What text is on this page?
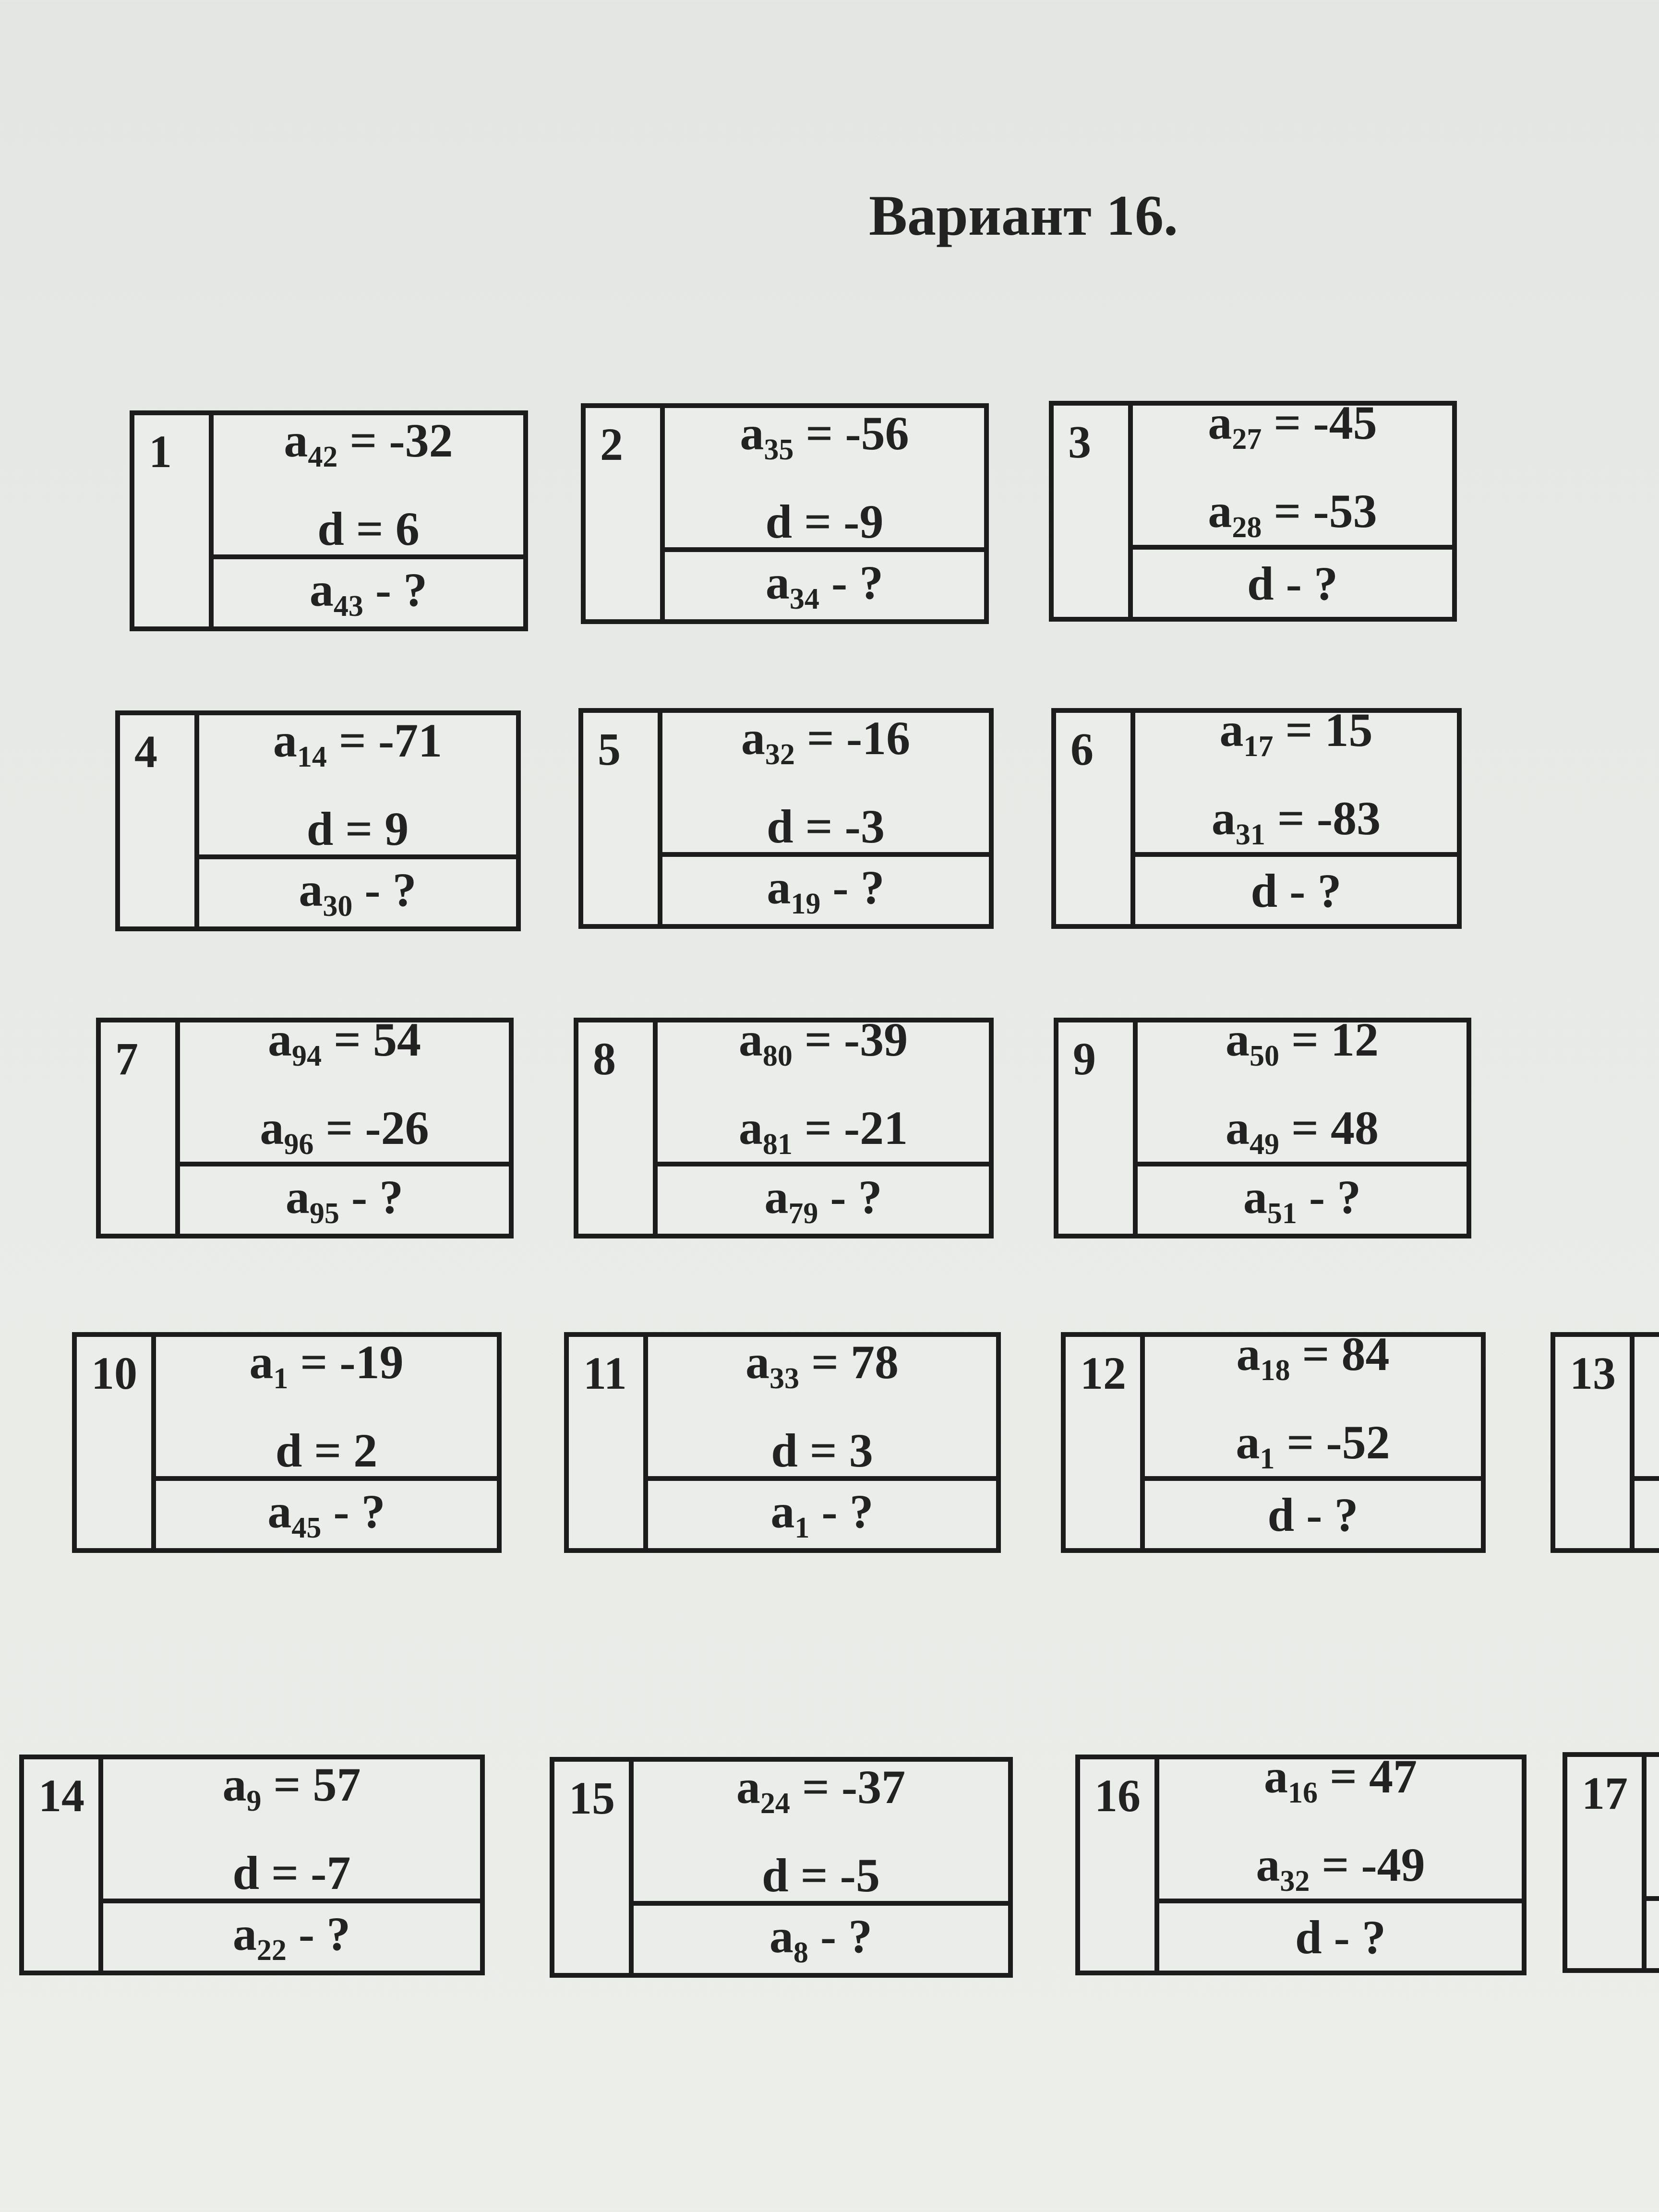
Вариант 16.
1	$a_{42} = -32$
d = 6
$a_{43}$ - ?
2	$a_{35} = -56$
d = -9
$a_{34}$ - ?
3	$a_{27} = -45$
$a_{28} = -53$
d - ?
4	$a_{14} = -71$
d = 9
$a_{30}$ - ?
5	$a_{32} = -16$
d = -3
$a_{19}$ - ?
6	$a_{17} = 15$
$a_{31} = -83$
d - ?
7	$a_{94} = 54$
$a_{96} = -26$
$a_{95}$ - ?
8	$a_{80} = -39$
$a_{81} = -21$
$a_{79}$ - ?
9	$a_{50} = 12$
$a_{49} = 48$
$a_{51}$ - ?
10	$a_1 = -19$
d = 2
$a_{45}$ - ?
11	$a_{33} = 78$
d = 3
$a_1$ - ?
12	$a_{18} = 84$
$a_1 = -52$
d - ?
13
14	$a_9 = 57$
d = -7
$a_{22}$ - ?
15	$a_{24} = -37$
d = -5
$a_8$ - ?
16	$a_{16} = 47$
$a_{32} = -49$
d - ?
17
